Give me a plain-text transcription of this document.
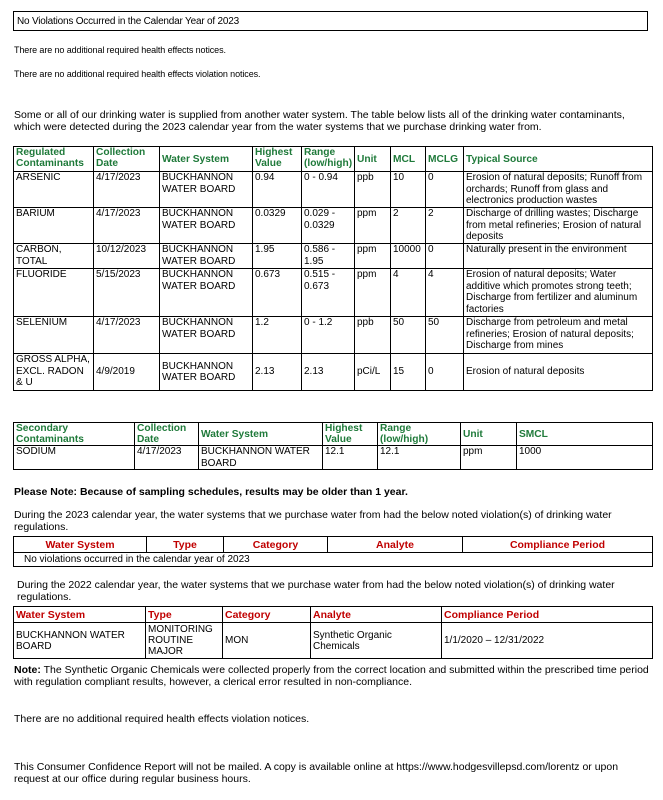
No Violations Occurred in the Calendar Year of 2023
There are no additional required health effects notices.
There are no additional required health effects violation notices.
Some or all of our drinking water is supplied from another water system. The table below lists all of the drinking water contaminants, which were detected during the 2023 calendar year from the water systems that we purchase drinking water from.
Regulated Contaminants	Collection Date	Water System	Highest Value	Range (low/high)	Unit	MCL	MCLG	Typical Source
ARSENIC	4/17/2023	BUCKHANNON WATER BOARD	0.94	0 - 0.94	ppb	10	0	Erosion of natural deposits; Runoff from orchards; Runoff from glass and electronics production wastes
BARIUM	4/17/2023	BUCKHANNON WATER BOARD	0.0329	0.029 - 0.0329	ppm	2	2	Discharge of drilling wastes; Discharge from metal refineries; Erosion of natural deposits
CARBON, TOTAL	10/12/2023	BUCKHANNON WATER BOARD	1.95	0.586 - 1.95	ppm	10000	0	Naturally present in the environment
FLUORIDE	5/15/2023	BUCKHANNON WATER BOARD	0.673	0.515 - 0.673	ppm	4	4	Erosion of natural deposits; Water additive which promotes strong teeth; Discharge from fertilizer and aluminum factories
SELENIUM	4/17/2023	BUCKHANNON WATER BOARD	1.2	0 - 1.2	ppb	50	50	Discharge from petroleum and metal refineries; Erosion of natural deposits; Discharge from mines
GROSS ALPHA, EXCL. RADON & U	4/9/2019	BUCKHANNON WATER BOARD	2.13	2.13	pCi/L	15	0	Erosion of natural deposits
Secondary Contaminants	Collection Date	Water System	Highest Value	Range (low/high)	Unit	SMCL
SODIUM	4/17/2023	BUCKHANNON WATER BOARD	12.1	12.1	ppm	1000
Please Note: Because of sampling schedules, results may be older than 1 year.
During the 2023 calendar year, the water systems that we purchase water from had the below noted violation(s) of drinking water regulations.
Water System	Type	Category	Analyte	Compliance Period
No violations occurred in the calendar year of 2023				
During the 2022 calendar year, the water systems that we purchase water from had the below noted violation(s) of drinking water regulations.
Water System	Type	Category	Analyte	Compliance Period
BUCKHANNON WATER BOARD	MONITORING ROUTINE MAJOR	MON	Synthetic Organic Chemicals	1/1/2020 – 12/31/2022
Note: The Synthetic Organic Chemicals were collected properly from the correct location and submitted within the prescribed time period with regulation compliant results, however, a clerical error resulted in non-compliance.
There are no additional required health effects violation notices.
This Consumer Confidence Report will not be mailed. A copy is available online at https://www.hodgesvillepsd.com/lorentz or upon request at our office during regular business hours.
